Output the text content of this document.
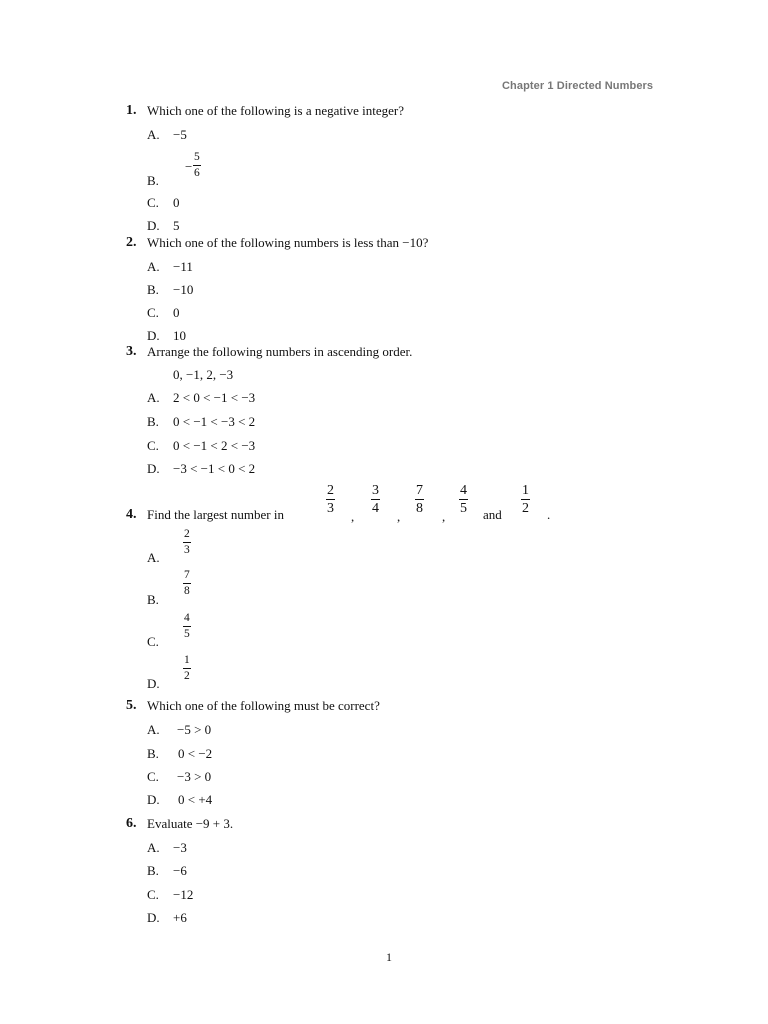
Chapter 1 Directed Numbers
1
1. Which one of the following is a negative integer?
A. −5
B.
− $\frac{5}{6}$
C. 0
D. 5
2. Which one of the following numbers is less than −10?
A. −11
B. −10
C. 0
D. 10
3. Arrange the following numbers in ascending order.
0, −1, 2, −3
A. 2 < 0 < −1 < −3
B. 0 < −1 < −3 < 2
C. 0 < −1 < 2 < −3
D. −3 < −1 < 0 < 2
4. Find the largest number in	$\frac{2}{3}$
,
$\frac{3}{4}$
,
$\frac{7}{8}$
,
$\frac{4}{5}$ and $\frac{1}{2}$ .
A.
$\frac{2}{3}$
B.
$\frac{7}{8}$
C.
$\frac{4}{5}$
D.
$\frac{1}{2}$
5. Which one of the following must be correct?
A. −5 > 0
B. 0 < −2
C. −3 > 0
D. 0 < +4
6. Evaluate −9 + 3.
A. −3
B. −6
C. −12
D. +6
